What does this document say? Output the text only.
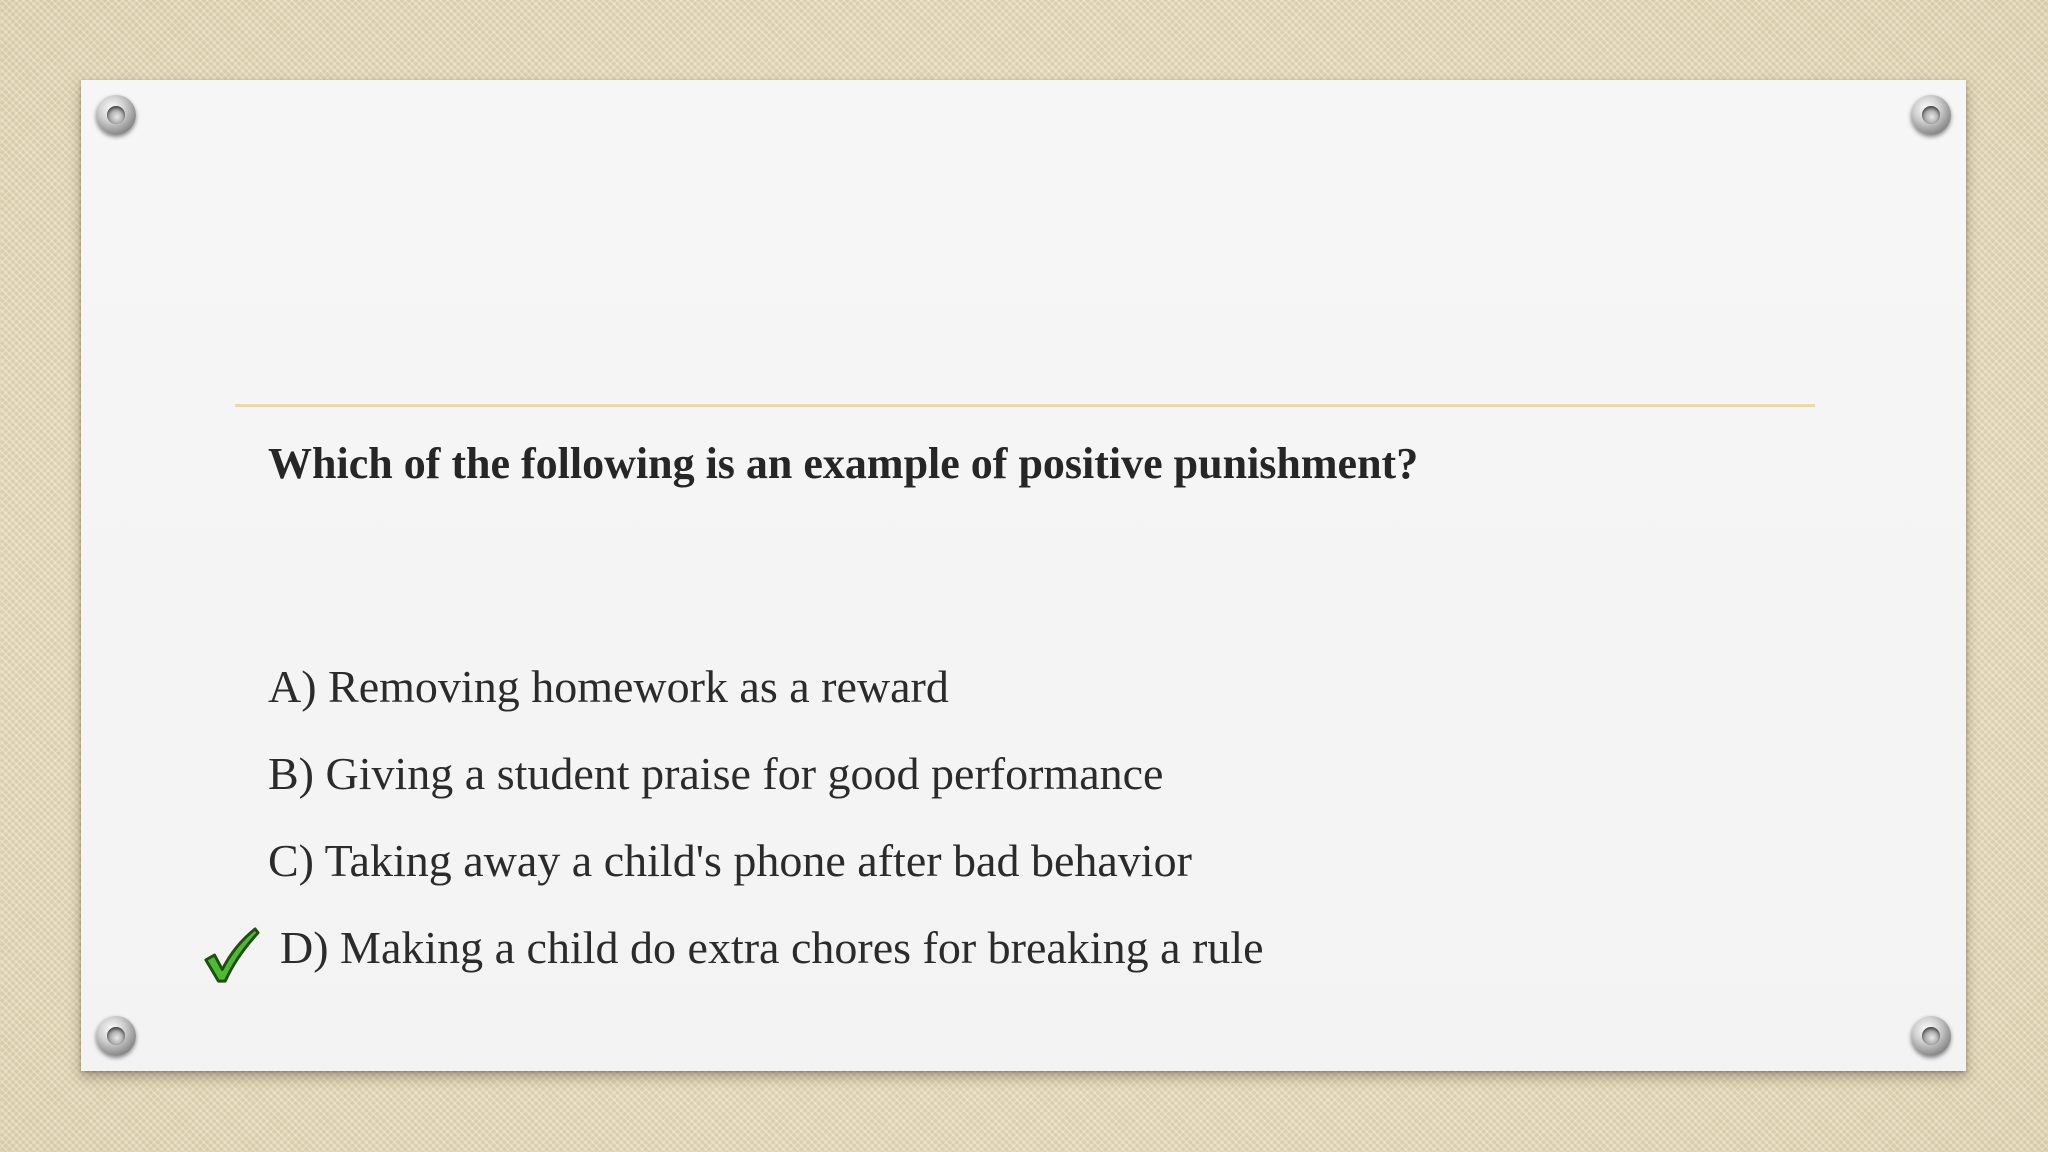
Which of the following is an example of positive punishment?
A) Removing homework as a reward
B) Giving a student praise for good performance
C) Taking away a child's phone after bad behavior
D) Making a child do extra chores for breaking a rule
